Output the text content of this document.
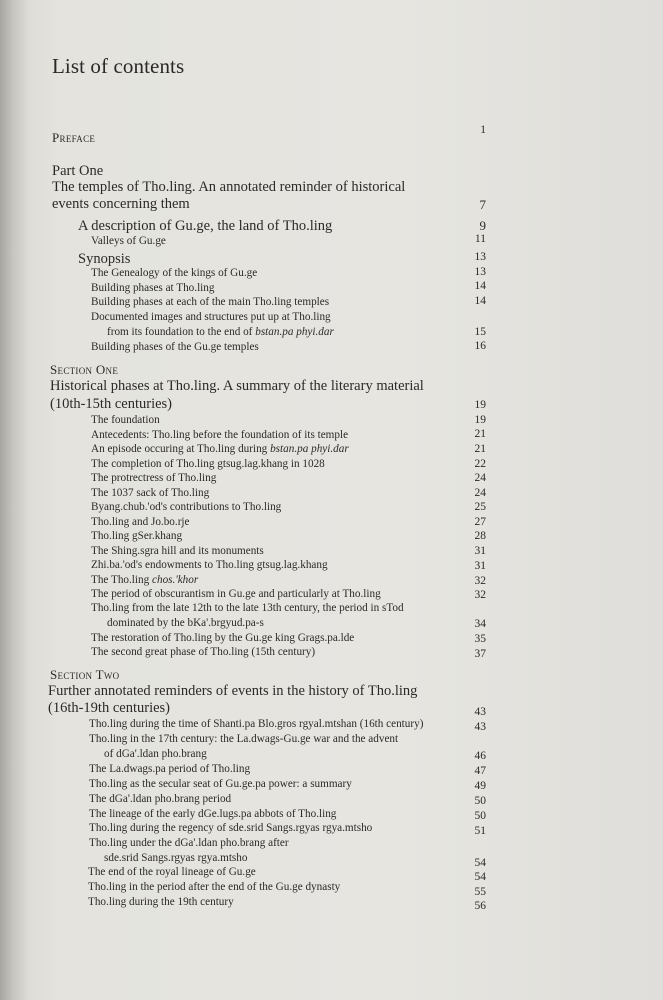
List of contents
Preface	1
Part One
The temples of Tho.ling. An annotated reminder of historical
events concerning them	7
A description of Gu.ge, the land of Tho.ling	9
Valleys of Gu.ge	11
Synopsis	13
The Genealogy of the kings of Gu.ge	13
Building phases at Tho.ling	14
Building phases at each of the main Tho.ling temples	14
Documented images and structures put up at Tho.ling
from its foundation to the end of bstan.pa phyi.dar	15
Building phases of the Gu.ge temples	16
Section One
Historical phases at Tho.ling. A summary of the literary material
(10th-15th centuries)	19
The foundation	19
Antecedents: Tho.ling before the foundation of its temple	21
An episode occuring at Tho.ling during bstan.pa phyi.dar	21
The completion of Tho.ling gtsug.lag.khang in 1028	22
The protrectress of Tho.ling	24
The 1037 sack of Tho.ling	24
Byang.chub.'od's contributions to Tho.ling	25
Tho.ling and Jo.bo.rje	27
Tho.ling gSer.khang	28
The Shing.sgra hill and its monuments	31
Zhi.ba.'od's endowments to Tho.ling gtsug.lag.khang	31
The Tho.ling chos.'khor	32
The period of obscurantism in Gu.ge and particularly at Tho.ling	32
Tho.ling from the late 12th to the late 13th century, the period in sTod
dominated by the bKa'.brgyud.pa-s	34
The restoration of Tho.ling by the Gu.ge king Grags.pa.lde	35
The second great phase of Tho.ling (15th century)	37
Section Two
Further annotated reminders of events in the history of Tho.ling
(16th-19th centuries)	43
Tho.ling during the time of Shanti.pa Blo.gros rgyal.mtshan (16th century)	43
Tho.ling in the 17th century: the La.dwags-Gu.ge war and the advent
of dGa'.ldan pho.brang	46
The La.dwags.pa period of Tho.ling	47
Tho.ling as the secular seat of Gu.ge.pa power: a summary	49
The dGa'.ldan pho.brang period	50
The lineage of the early dGe.lugs.pa abbots of Tho.ling	50
Tho.ling during the regency of sde.srid Sangs.rgyas rgya.mtsho	51
Tho.ling under the dGa'.ldan pho.brang after
sde.srid Sangs.rgyas rgya.mtsho	54
The end of the royal lineage of Gu.ge	54
Tho.ling in the period after the end of the Gu.ge dynasty	55
Tho.ling during the 19th century	56
